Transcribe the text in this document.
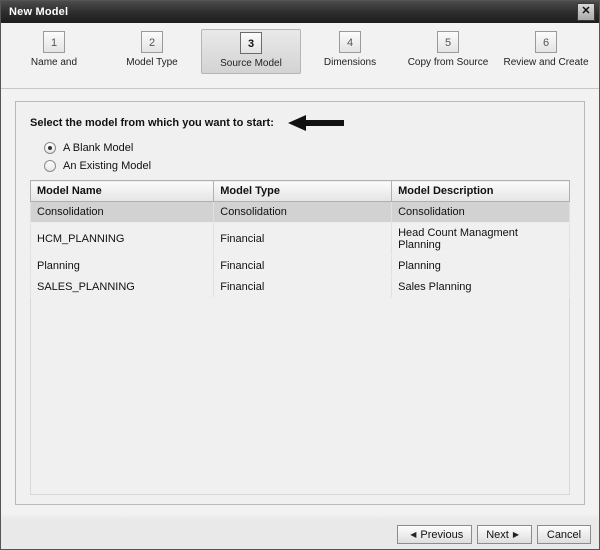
New Model	✕
1
Name and
2
Model Type
3
Source Model
4
Dimensions
5
Copy from Source
6
Review and Create
Select the model from which you want to start:
A Blank Model
An Existing Model
Model Name	Model Type	Model Description
Consolidation	Consolidation	Consolidation
HCM_PLANNING	Financial	Head Count Managment Planning
Planning	Financial	Planning
SALES_PLANNING	Financial	Sales Planning
◀ Previous Next ▶	Cancel
